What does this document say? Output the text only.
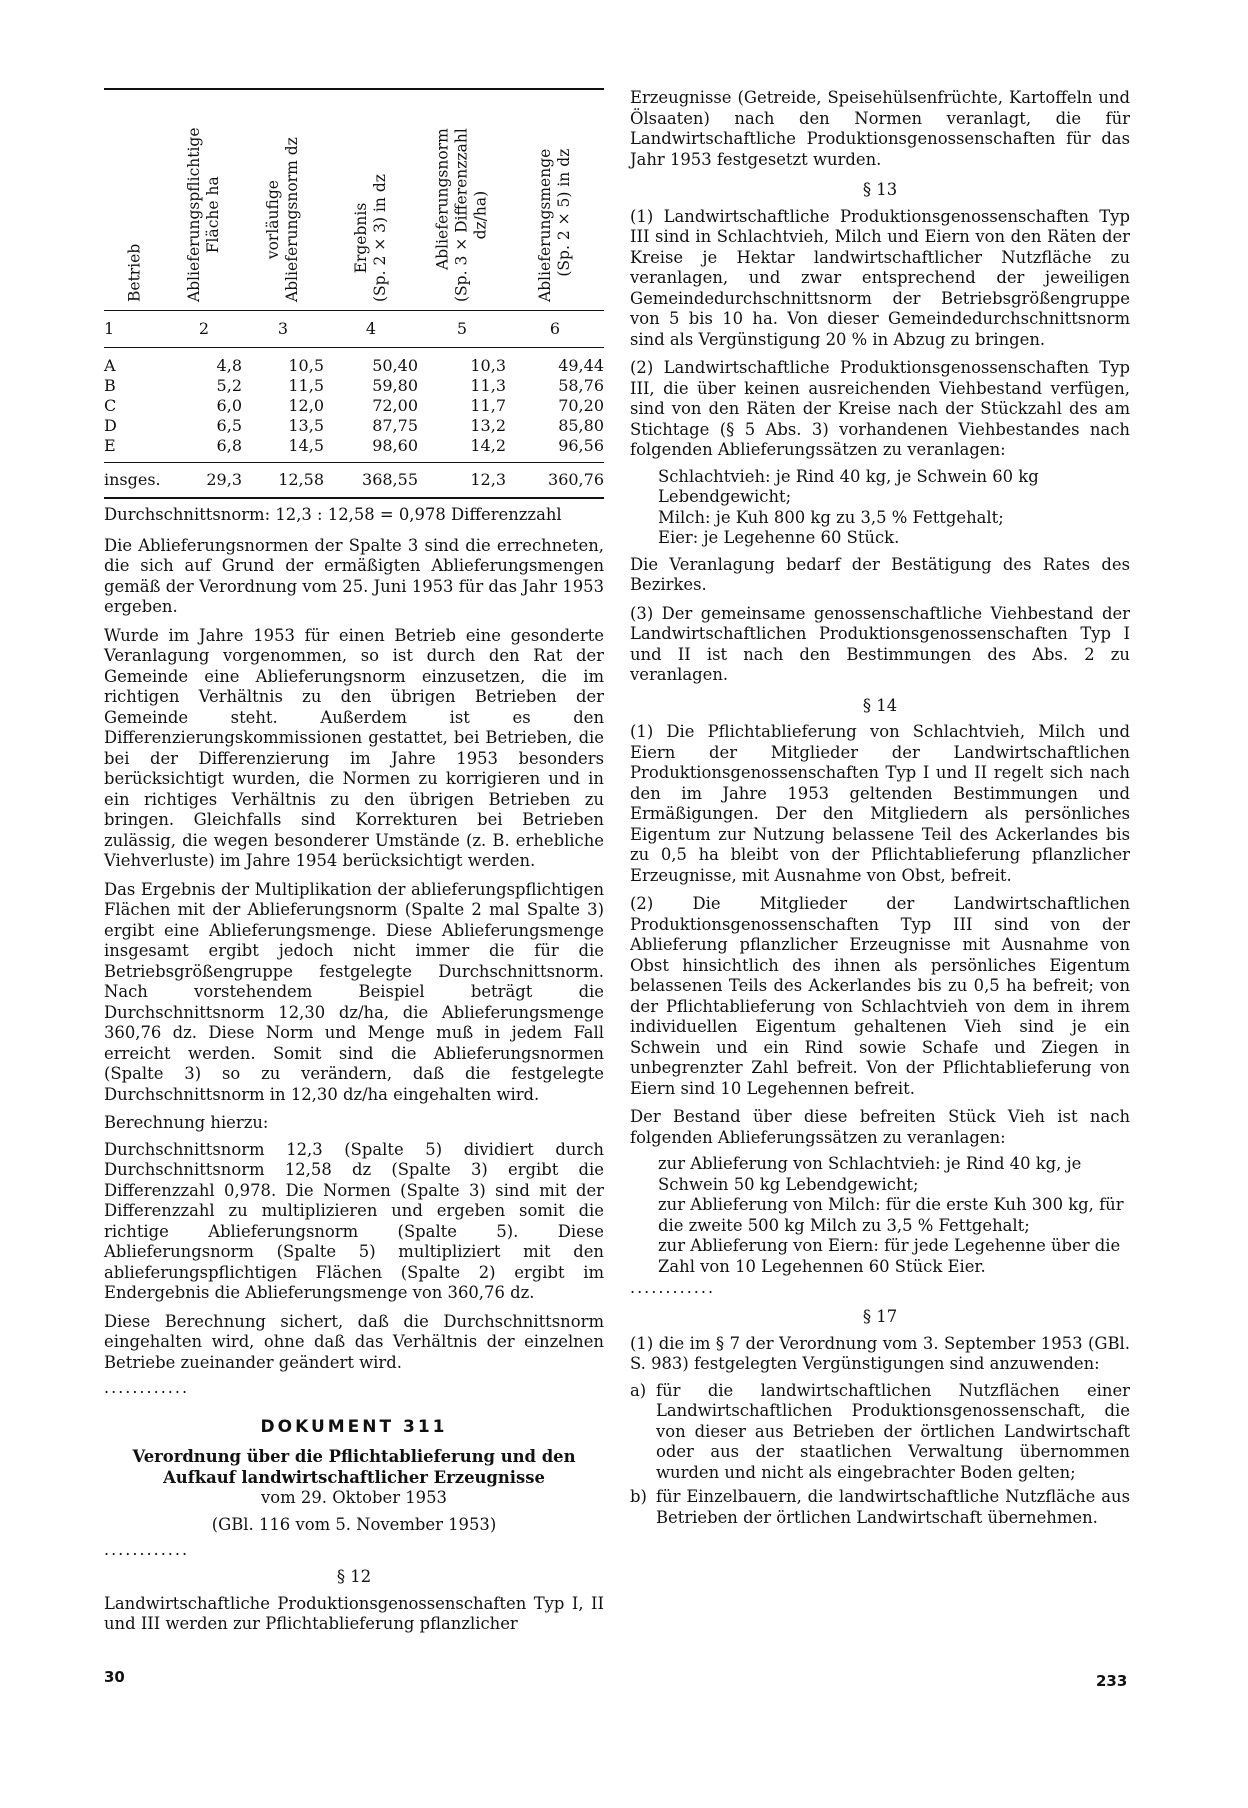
Betrieb	Ablieferungspflichtige Fläche ha	vorläufige Ablieferungsnorm dz	Ergebnis (Sp. 2 × 3) in dz	Ablieferungsnorm (Sp. 3 × Differenzzahl dz/ha)	Ablieferungsmenge (Sp. 2 × 5) in dz
1	2	3	4	5	6
A	4,8	10,5	50,40	10,3	49,44
B	5,2	11,5	59,80	11,3	58,76
C	6,0	12,0	72,00	11,7	70,20
D	6,5	13,5	87,75	13,2	85,80
E	6,8	14,5	98,60	14,2	96,56
insges.	29,3	12,58	368,55	12,3	360,76

Durchschnittsnorm: 12,3 : 12,58 = 0,978 Differenzzahl

Die Ablieferungsnormen der Spalte 3 sind die errechneten, die sich auf Grund der ermäßigten Ablieferungsmengen gemäß der Verordnung vom 25. Juni 1953 für das Jahr 1953 ergeben.

Wurde im Jahre 1953 für einen Betrieb eine gesonderte Veranlagung vorgenommen, so ist durch den Rat der Gemeinde eine Ablieferungsnorm einzusetzen, die im richtigen Verhältnis zu den übrigen Betrieben der Gemeinde steht. Außerdem ist es den Differenzierungskommissionen gestattet, bei Betrieben, die bei der Differenzierung im Jahre 1953 besonders berücksichtigt wurden, die Normen zu korrigieren und in ein richtiges Verhältnis zu den übrigen Betrieben zu bringen. Gleichfalls sind Korrekturen bei Betrieben zulässig, die wegen besonderer Umstände (z. B. erhebliche Viehverluste) im Jahre 1954 berücksichtigt werden.

Das Ergebnis der Multiplikation der ablieferungspflichtigen Flächen mit der Ablieferungsnorm (Spalte 2 mal Spalte 3) ergibt eine Ablieferungsmenge. Diese Ablieferungsmenge insgesamt ergibt jedoch nicht immer die für die Betriebsgrößengruppe festgelegte Durchschnittsnorm. Nach vorstehendem Beispiel beträgt die Durchschnittsnorm 12,30 dz/ha, die Ablieferungsmenge 360,76 dz. Diese Norm und Menge muß in jedem Fall erreicht werden. Somit sind die Ablieferungsnormen (Spalte 3) so zu verändern, daß die festgelegte Durchschnittsnorm in 12,30 dz/ha eingehalten wird.

Berechnung hierzu:

Durchschnittsnorm 12,3 (Spalte 5) dividiert durch Durchschnittsnorm 12,58 dz (Spalte 3) ergibt die Differenzzahl 0,978. Die Normen (Spalte 3) sind mit der Differenzzahl zu multiplizieren und ergeben somit die richtige Ablieferungsnorm (Spalte 5). Diese Ablieferungsnorm (Spalte 5) multipliziert mit den ablieferungspflichtigen Flächen (Spalte 2) ergibt im Endergebnis die Ablieferungsmenge von 360,76 dz.

Diese Berechnung sichert, daß die Durchschnittsnorm eingehalten wird, ohne daß das Verhältnis der einzelnen Betriebe zueinander geändert wird.

............
DOKUMENT 311
Verordnung über die Pflichtablieferung und den Aufkauf landwirtschaftlicher Erzeugnisse
vom 29. Oktober 1953
(GBl. 116 vom 5. November 1953)
............
§ 12

Landwirtschaftliche Produktionsgenossenschaften Typ I, II und III werden zur Pflichtablieferung pflanzlicher

Erzeugnisse (Getreide, Speisehülsenfrüchte, Kartoffeln und Ölsaaten) nach den Normen veranlagt, die für Landwirtschaftliche Produktionsgenossenschaften für das Jahr 1953 festgesetzt wurden.

§ 13

(1) Landwirtschaftliche Produktionsgenossenschaften Typ III sind in Schlachtvieh, Milch und Eiern von den Räten der Kreise je Hektar landwirtschaftlicher Nutzfläche zu veranlagen, und zwar entsprechend der jeweiligen Gemeindedurchschnittsnorm der Betriebsgrößengruppe von 5 bis 10 ha. Von dieser Gemeindedurchschnittsnorm sind als Vergünstigung 20 % in Abzug zu bringen.

(2) Landwirtschaftliche Produktionsgenossenschaften Typ III, die über keinen ausreichenden Viehbestand verfügen, sind von den Räten der Kreise nach der Stückzahl des am Stichtage (§ 5 Abs. 3) vorhandenen Viehbestandes nach folgenden Ablieferungssätzen zu veranlagen:

Schlachtvieh: je Rind 40 kg, je Schwein 60 kg Lebendgewicht;
Milch: je Kuh 800 kg zu 3,5 % Fettgehalt;
Eier: je Legehenne 60 Stück.

Die Veranlagung bedarf der Bestätigung des Rates des Bezirkes.

(3) Der gemeinsame genossenschaftliche Viehbestand der Landwirtschaftlichen Produktionsgenossenschaften Typ I und II ist nach den Bestimmungen des Abs. 2 zu veranlagen.

§ 14

(1) Die Pflichtablieferung von Schlachtvieh, Milch und Eiern der Mitglieder der Landwirtschaftlichen Produktionsgenossenschaften Typ I und II regelt sich nach den im Jahre 1953 geltenden Bestimmungen und Ermäßigungen. Der den Mitgliedern als persönliches Eigentum zur Nutzung belassene Teil des Ackerlandes bis zu 0,5 ha bleibt von der Pflichtablieferung pflanzlicher Erzeugnisse, mit Ausnahme von Obst, befreit.

(2) Die Mitglieder der Landwirtschaftlichen Produktionsgenossenschaften Typ III sind von der Ablieferung pflanzlicher Erzeugnisse mit Ausnahme von Obst hinsichtlich des ihnen als persönliches Eigentum belassenen Teils des Ackerlandes bis zu 0,5 ha befreit; von der Pflichtablieferung von Schlachtvieh von dem in ihrem individuellen Eigentum gehaltenen Vieh sind je ein Schwein und ein Rind sowie Schafe und Ziegen in unbegrenzter Zahl befreit. Von der Pflichtablieferung von Eiern sind 10 Legehennen befreit.

Der Bestand über diese befreiten Stück Vieh ist nach folgenden Ablieferungssätzen zu veranlagen:

zur Ablieferung von Schlachtvieh: je Rind 40 kg, je Schwein 50 kg Lebendgewicht;
zur Ablieferung von Milch: für die erste Kuh 300 kg, für die zweite 500 kg Milch zu 3,5 % Fettgehalt;
zur Ablieferung von Eiern: für jede Legehenne über die Zahl von 10 Legehennen 60 Stück Eier.
............
§ 17

(1) die im § 7 der Verordnung vom 3. September 1953 (GBl. S. 983) festgelegten Vergünstigungen sind anzuwenden:

a) für die landwirtschaftlichen Nutzflächen einer Landwirtschaftlichen Produktionsgenossenschaft, die von dieser aus Betrieben der örtlichen Landwirtschaft oder aus der staatlichen Verwaltung übernommen wurden und nicht als eingebrachter Boden gelten;
b) für Einzelbauern, die landwirtschaftliche Nutzfläche aus Betrieben der örtlichen Landwirtschaft übernehmen.
30	233
